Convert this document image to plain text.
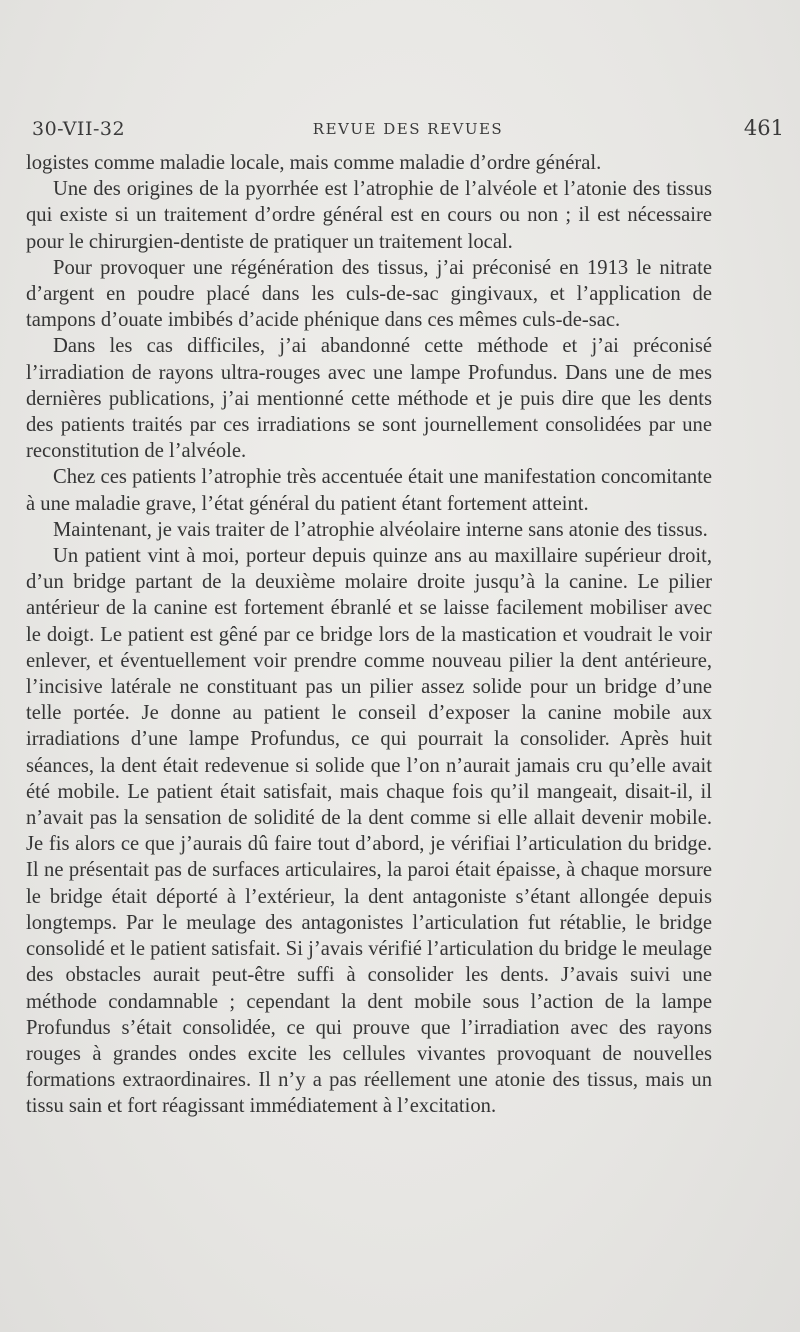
30-VII-32	REVUE DES REVUES	461

logistes comme maladie locale, mais comme maladie d’ordre général.

Une des origines de la pyorrhée est l’atrophie de l’alvéole et l’atonie des tissus qui existe si un traitement d’ordre général est en cours ou non ; il est nécessaire pour le chirurgien-dentiste de pratiquer un traitement local.

Pour provoquer une régénération des tissus, j’ai préconisé en 1913 le nitrate d’argent en poudre placé dans les culs-de-sac gingivaux, et l’application de tampons d’ouate imbibés d’acide phénique dans ces mêmes culs-de-sac.

Dans les cas difficiles, j’ai abandonné cette méthode et j’ai préconisé l’irradiation de rayons ultra-rouges avec une lampe Profundus. Dans une de mes dernières publications, j’ai mentionné cette méthode et je puis dire que les dents des patients traités par ces irradiations se sont journellement consolidées par une reconstitution de l’alvéole.

Chez ces patients l’atrophie très accentuée était une manifestation concomitante à une maladie grave, l’état général du patient étant fortement atteint.

Maintenant, je vais traiter de l’atrophie alvéolaire interne sans atonie des tissus.

Un patient vint à moi, porteur depuis quinze ans au maxillaire supérieur droit, d’un bridge partant de la deuxième molaire droite jusqu’à la canine. Le pilier antérieur de la canine est fortement ébranlé et se laisse facilement mobiliser avec le doigt. Le patient est gêné par ce bridge lors de la mastication et voudrait le voir enlever, et éventuellement voir prendre comme nouveau pilier la dent antérieure, l’incisive latérale ne constituant pas un pilier assez solide pour un bridge d’une telle portée. Je donne au patient le conseil d’exposer la canine mobile aux irradiations d’une lampe Profundus, ce qui pourrait la consolider. Après huit séances, la dent était redevenue si solide que l’on n’aurait jamais cru qu’elle avait été mobile. Le patient était satisfait, mais chaque fois qu’il mangeait, disait-il, il n’avait pas la sensation de solidité de la dent comme si elle allait devenir mobile. Je fis alors ce que j’aurais dû faire tout d’abord, je vérifiai l’articulation du bridge. Il ne présentait pas de surfaces articulaires, la paroi était épaisse, à chaque morsure le bridge était déporté à l’extérieur, la dent antagoniste s’étant allongée depuis longtemps. Par le meulage des antagonistes l’articulation fut rétablie, le bridge consolidé et le patient satisfait. Si j’avais vérifié l’articulation du bridge le meulage des obstacles aurait peut-être suffi à consolider les dents. J’avais suivi une méthode condamnable ; cependant la dent mobile sous l’action de la lampe Profundus s’était consolidée, ce qui prouve que l’irradiation avec des rayons rouges à grandes ondes excite les cellules vivantes provoquant de nouvelles formations extraordinaires. Il n’y a pas réellement une atonie des tissus, mais un tissu sain et fort réagissant immédiatement à l’excitation.
